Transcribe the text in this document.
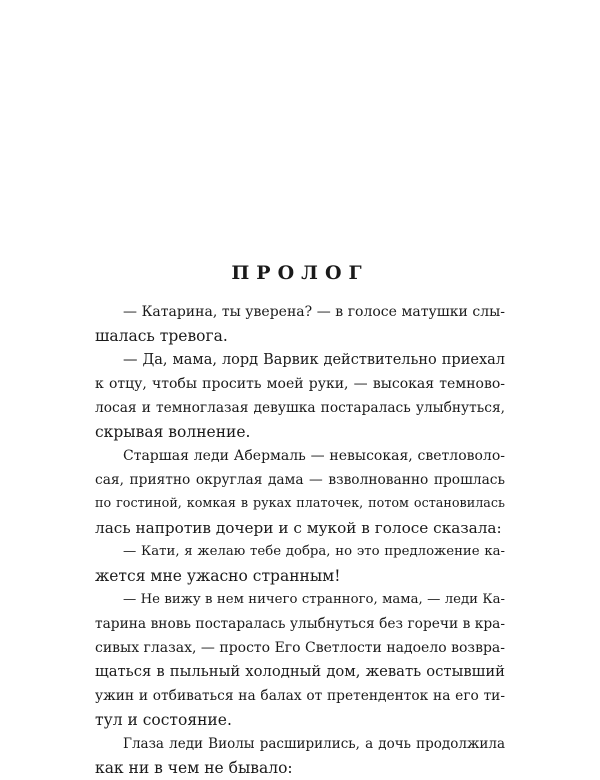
ПРОЛОГ
— Катарина, ты уверена? — в голосе матушки слы-
шалась тревога.
— Да, мама, лорд Варвик действительно приехал
к отцу, чтобы просить моей руки, — высокая темново-
лосая и темноглазая девушка постаралась улыбнуться,
скрывая волнение.
Старшая леди Абермаль — невысокая, светловоло-
сая, приятно округлая дама — взволнованно прошлась
по гостиной, комкая в руках платочек, потом остановилась
лась напротив дочери и с мукой в голосе сказала:
— Кати, я желаю тебе добра, но это предложение ка-
жется мне ужасно странным!
— Не вижу в нем ничего странного, мама, — леди Ка-
тарина вновь постаралась улыбнуться без горечи в кра-
сивых глазах, — просто Его Светлости надоело возвра-
щаться в пыльный холодный дом, жевать остывший
ужин и отбиваться на балах от претенденток на его ти-
тул и состояние.
Глаза леди Виолы расширились, а дочь продолжила
как ни в чем не бывало:
